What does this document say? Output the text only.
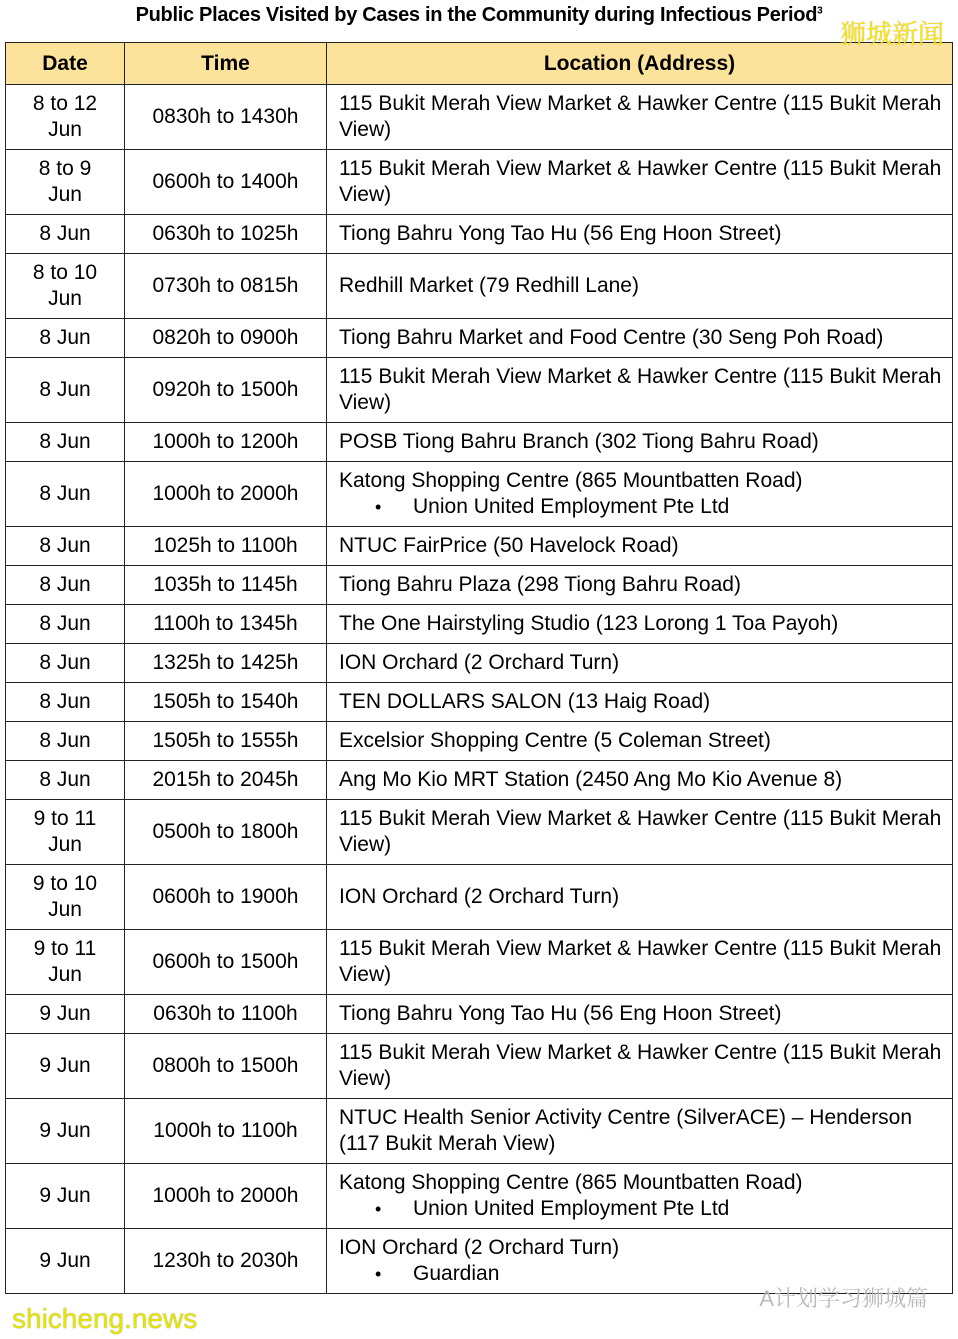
Public Places Visited by Cases in the Community during Infectious Period$^3$
Date	Time	Location (Address)
8 to 12 Jun	0830h to 1430h	115 Bukit Merah View Market & Hawker Centre (115 Bukit Merah View)
8 to 9 Jun	0600h to 1400h	115 Bukit Merah View Market & Hawker Centre (115 Bukit Merah View)
8 Jun	0630h to 1025h	Tiong Bahru Yong Tao Hu (56 Eng Hoon Street)
8 to 10 Jun	0730h to 0815h	Redhill Market (79 Redhill Lane)
8 Jun	0820h to 0900h	Tiong Bahru Market and Food Centre (30 Seng Poh Road)
8 Jun	0920h to 1500h	115 Bukit Merah View Market & Hawker Centre (115 Bukit Merah View)
8 Jun	1000h to 1200h	POSB Tiong Bahru Branch (302 Tiong Bahru Road)
8 Jun	1000h to 2000h	Katong Shopping Centre (865 Mountbatten Road)
• Union United Employment Pte Ltd

8 Jun	1025h to 1100h	NTUC FairPrice (50 Havelock Road)
8 Jun	1035h to 1145h	Tiong Bahru Plaza (298 Tiong Bahru Road)
8 Jun	1100h to 1345h	The One Hairstyling Studio (123 Lorong 1 Toa Payoh)
8 Jun	1325h to 1425h	ION Orchard (2 Orchard Turn)
8 Jun	1505h to 1540h	TEN DOLLARS SALON (13 Haig Road)
8 Jun	1505h to 1555h	Excelsior Shopping Centre (5 Coleman Street)
8 Jun	2015h to 2045h	Ang Mo Kio MRT Station (2450 Ang Mo Kio Avenue 8)
9 to 11 Jun	0500h to 1800h	115 Bukit Merah View Market & Hawker Centre (115 Bukit Merah View)
9 to 10 Jun	0600h to 1900h	ION Orchard (2 Orchard Turn)
9 to 11 Jun	0600h to 1500h	115 Bukit Merah View Market & Hawker Centre (115 Bukit Merah View)
9 Jun	0630h to 1100h	Tiong Bahru Yong Tao Hu (56 Eng Hoon Street)
9 Jun	0800h to 1500h	115 Bukit Merah View Market & Hawker Centre (115 Bukit Merah View)
9 Jun	1000h to 1100h	NTUC Health Senior Activity Centre (SilverACE) – Henderson (117 Bukit Merah View)
9 Jun	1000h to 2000h	Katong Shopping Centre (865 Mountbatten Road)
• Union United Employment Pte Ltd

9 Jun	1230h to 2030h	ION Orchard (2 Orchard Turn)
• Guardian
狮城新闻
A计划学习狮城篇
shicheng.news
